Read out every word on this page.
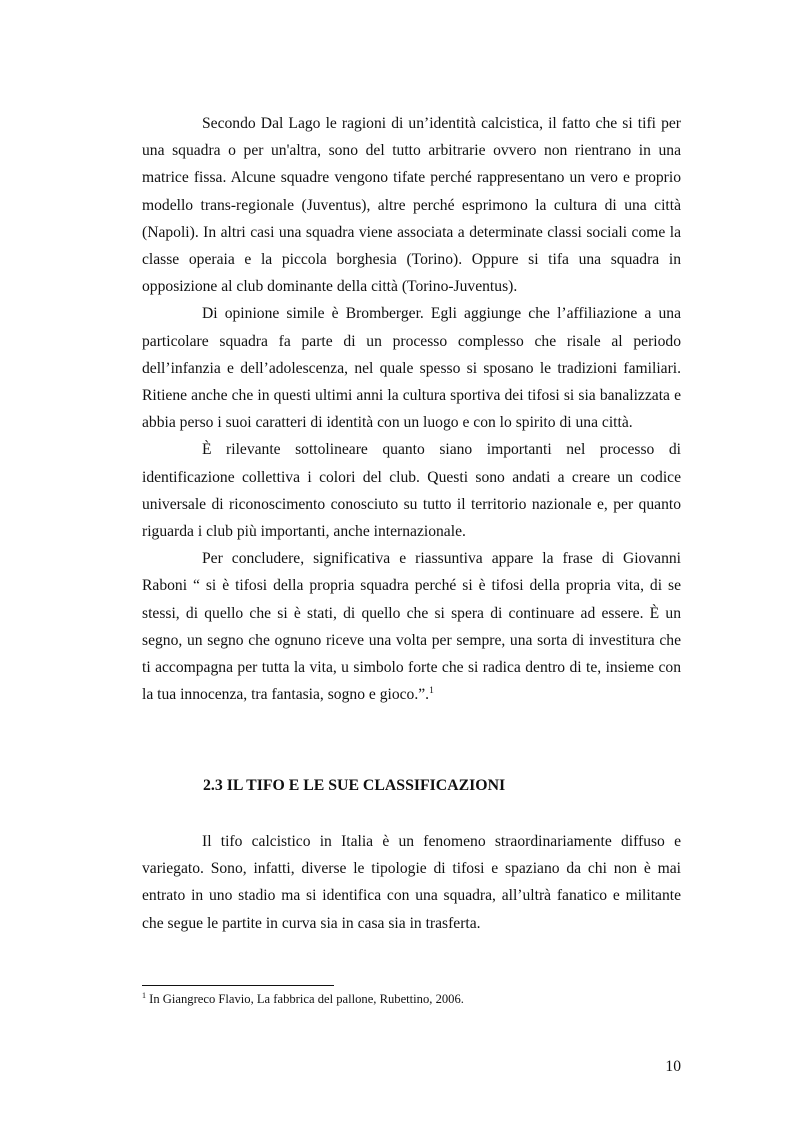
Secondo Dal Lago le ragioni di un’identità calcistica, il fatto che si tifi per una squadra o per un'altra, sono del tutto arbitrarie ovvero non rientrano in una matrice fissa. Alcune squadre vengono tifate perché rappresentano un vero e proprio modello trans-regionale (Juventus), altre perché esprimono la cultura di una città (Napoli). In altri casi una squadra viene associata a determinate classi sociali come la classe operaia e la piccola borghesia (Torino). Oppure si tifa una squadra in opposizione al club dominante della città (Torino-Juventus).

Di opinione simile è Bromberger. Egli aggiunge che l’affiliazione a una particolare squadra fa parte di un processo complesso che risale al periodo dell’infanzia e dell’adolescenza, nel quale spesso si sposano le tradizioni familiari. Ritiene anche che in questi ultimi anni la cultura sportiva dei tifosi si sia banalizzata e abbia perso i suoi caratteri di identità con un luogo e con lo spirito di una città.

È rilevante sottolineare quanto siano importanti nel processo di identificazione collettiva i colori del club. Questi sono andati a creare un codice universale di riconoscimento conosciuto su tutto il territorio nazionale e, per quanto riguarda i club più importanti, anche internazionale.

Per concludere, significativa e riassuntiva appare la frase di Giovanni Raboni “ si è tifosi della propria squadra perché si è tifosi della propria vita, di se stessi, di quello che si è stati, di quello che si spera di continuare ad essere. È un segno, un segno che ognuno riceve una volta per sempre, una sorta di investitura che ti accompagna per tutta la vita, u simbolo forte che si radica dentro di te, insieme con la tua innocenza, tra fantasia, sogno e gioco.”.$^1$

2.3 IL TIFO E LE SUE CLASSIFICAZIONI

Il tifo calcistico in Italia è un fenomeno straordinariamente diffuso e variegato. Sono, infatti, diverse le tipologie di tifosi e spaziano da chi non è mai entrato in uno stadio ma si identifica con una squadra, all’ultrà fanatico e militante che segue le partite in curva sia in casa sia in trasferta.

$^1$ In Giangreco Flavio, La fabbrica del pallone, Rubettino, 2006.

10
